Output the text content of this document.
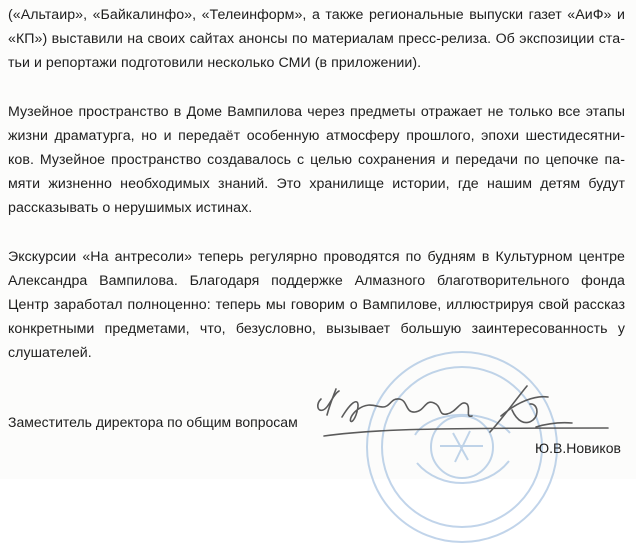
(«Альтаир», «Байкалинфо», «Телеинформ», а также региональные выпуски газет «АиФ» и
«КП») выставили на своих сайтах анонсы по материалам пресс-релиза. Об экспозиции ста-
тьи и репортажи подготовили несколько СМИ (в приложении).
Музейное пространство в Доме Вампилова через предметы отражает не только все этапы
жизни драматурга, но и передаёт особенную атмосферу прошлого, эпохи шестидесятни-
ков. Музейное пространство создавалось с целью сохранения и передачи по цепочке па-
мяти жизненно необходимых знаний. Это хранилище истории, где нашим детям будут
рассказывать о нерушимых истинах.
Экскурсии «На антресоли» теперь регулярно проводятся по будням в Культурном центре
Александра Вампилова. Благодаря поддержке Алмазного благотворительного фонда
Центр заработал полноценно: теперь мы говорим о Вампилове, иллюстрируя свой рассказ
конкретными предметами, что, безусловно, вызывает большую заинтересованность у
слушателей.
Заместитель директора по общим вопросам
Ю.В.Новиков
